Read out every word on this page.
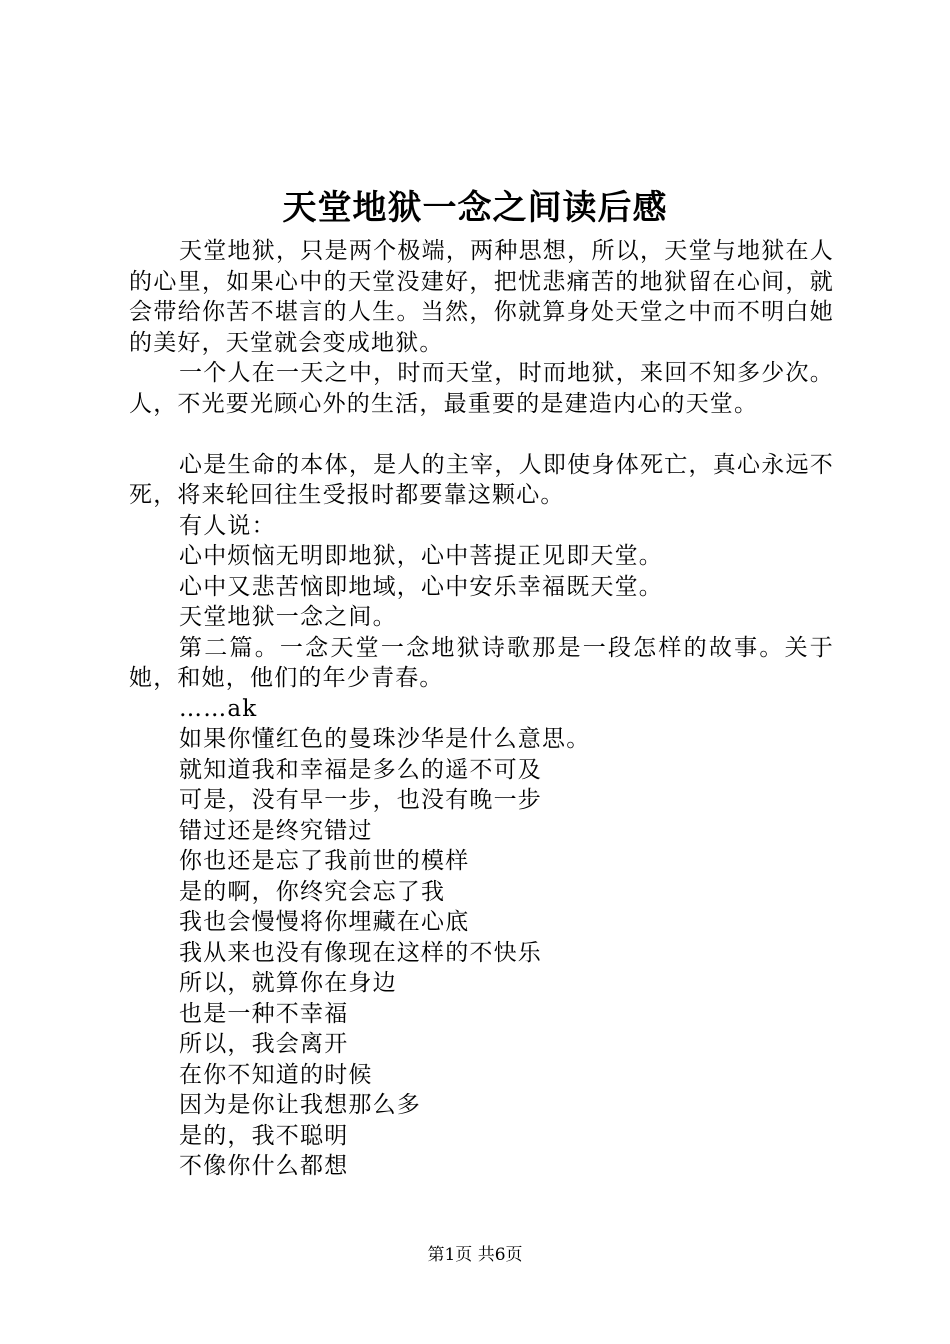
天堂地狱一念之间读后感

天堂地狱，只是两个极端，两种思想，所以，天堂与地狱在人的心里，如果心中的天堂没建好，把忧悲痛苦的地狱留在心间，就会带给你苦不堪言的人生。当然，你就算身处天堂之中而不明白她的美好，天堂就会变成地狱。

一个人在一天之中，时而天堂，时而地狱，来回不知多少次。人，不光要光顾心外的生活，最重要的是建造内心的天堂。

心是生命的本体，是人的主宰，人即使身体死亡，真心永远不死，将来轮回往生受报时都要靠这颗心。

有人说：

心中烦恼无明即地狱，心中菩提正见即天堂。

心中又悲苦恼即地域，心中安乐幸福既天堂。

天堂地狱一念之间。

第二篇。一念天堂一念地狱诗歌那是一段怎样的故事。关于她，和她，他们的年少青春。

……ak

如果你懂红色的曼珠沙华是什么意思。

就知道我和幸福是多么的遥不可及

可是，没有早一步，也没有晚一步

错过还是终究错过

你也还是忘了我前世的模样

是的啊，你终究会忘了我

我也会慢慢将你埋藏在心底

我从来也没有像现在这样的不快乐

所以，就算你在身边

也是一种不幸福

所以，我会离开

在你不知道的时候

因为是你让我想那么多

是的，我不聪明

不像你什么都想

第1页 共6页
